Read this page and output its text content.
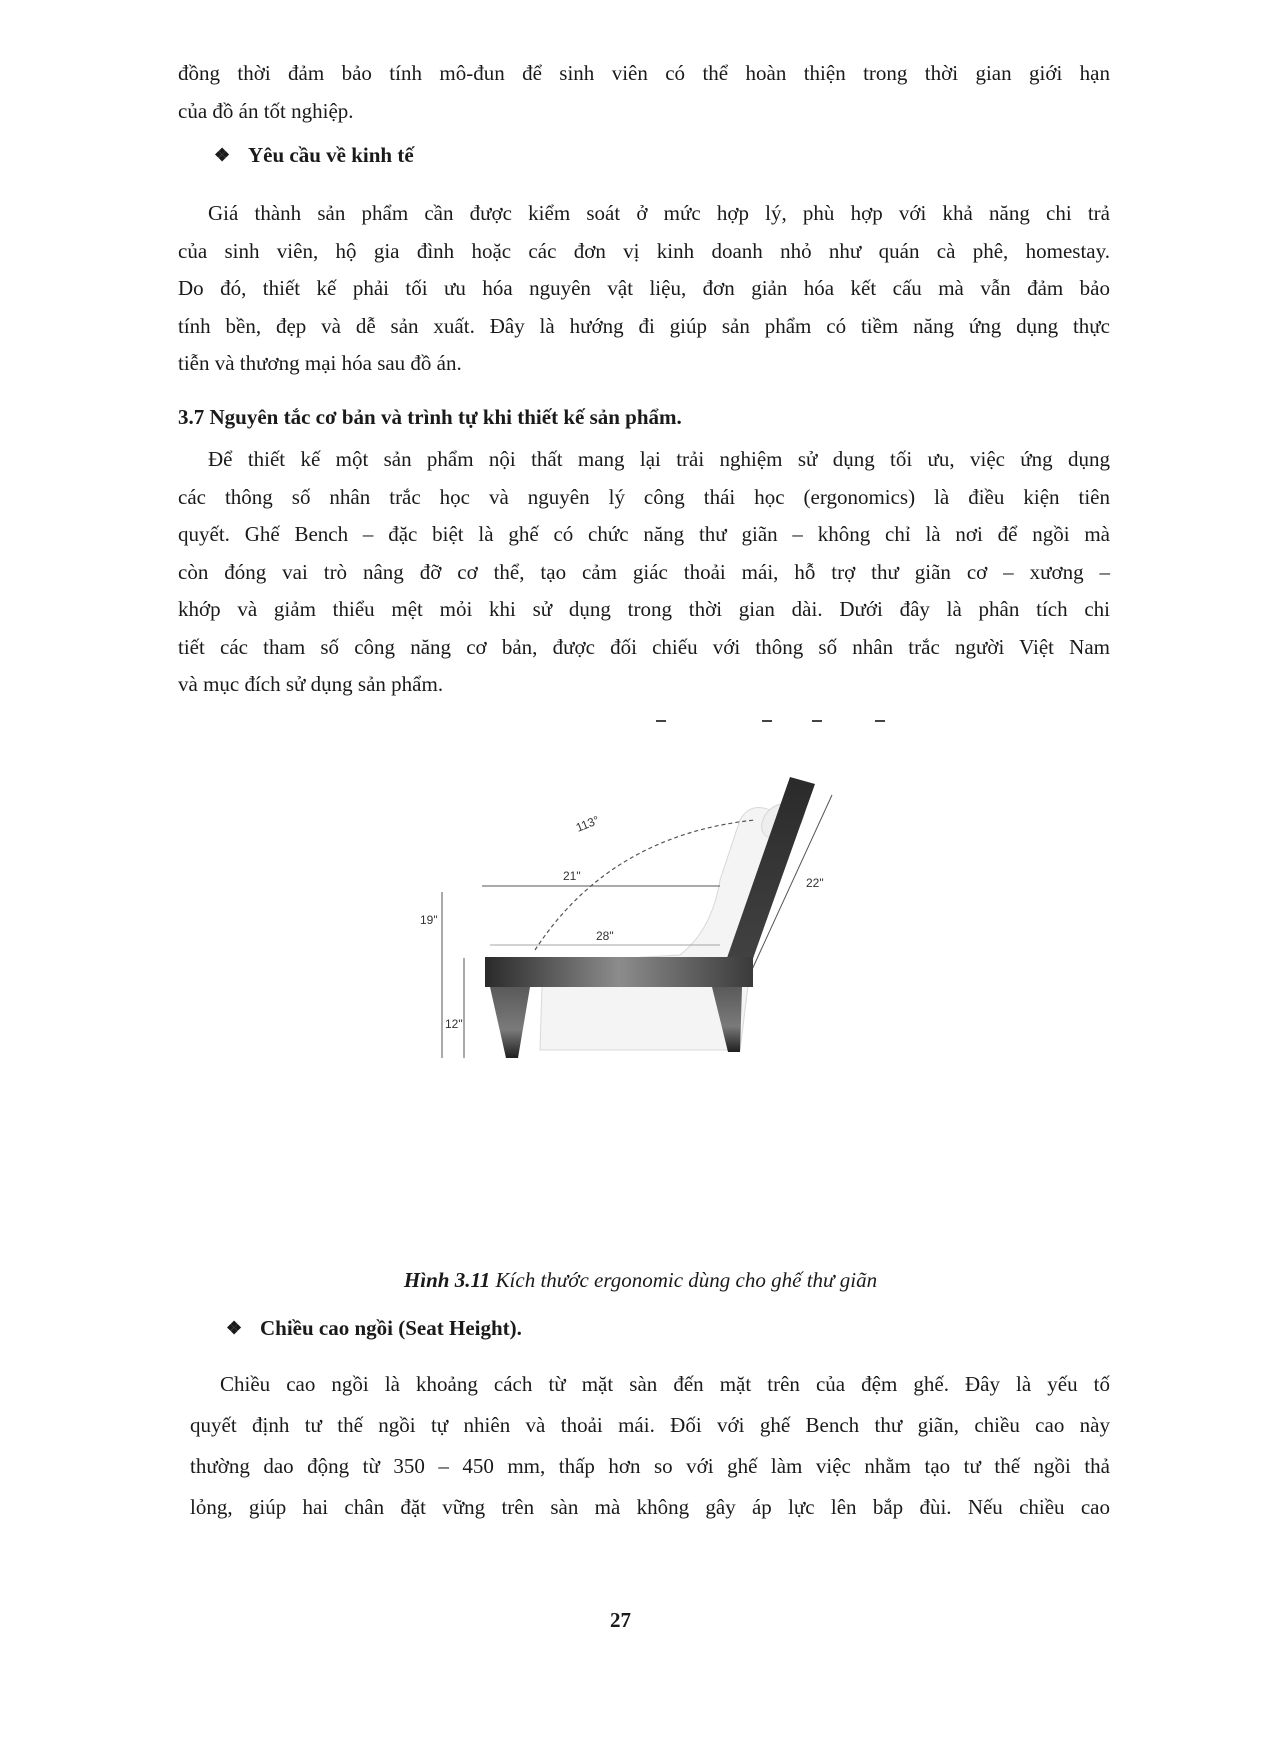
đồng thời đảm bảo tính mô-đun để sinh viên có thể hoàn thiện trong thời gian giới hạn
của đồ án tốt nghiệp.
❖ Yêu cầu về kinh tế
Giá thành sản phẩm cần được kiểm soát ở mức hợp lý, phù hợp với khả năng chi trả
của sinh viên, hộ gia đình hoặc các đơn vị kinh doanh nhỏ như quán cà phê, homestay.
Do đó, thiết kế phải tối ưu hóa nguyên vật liệu, đơn giản hóa kết cấu mà vẫn đảm bảo
tính bền, đẹp và dễ sản xuất. Đây là hướng đi giúp sản phẩm có tiềm năng ứng dụng thực
tiễn và thương mại hóa sau đồ án.
3.7 Nguyên tắc cơ bản và trình tự khi thiết kế sản phẩm.
Để thiết kế một sản phẩm nội thất mang lại trải nghiệm sử dụng tối ưu, việc ứng dụng
các thông số nhân trắc học và nguyên lý công thái học (ergonomics) là điều kiện tiên
quyết. Ghế Bench – đặc biệt là ghế có chức năng thư giãn – không chỉ là nơi để ngồi mà
còn đóng vai trò nâng đỡ cơ thể, tạo cảm giác thoải mái, hỗ trợ thư giãn cơ – xương –
khớp và giảm thiểu mệt mỏi khi sử dụng trong thời gian dài. Dưới đây là phân tích chi
tiết các tham số công năng cơ bản, được đối chiếu với thông số nhân trắc người Việt Nam
và mục đích sử dụng sản phẩm.
113°
21"	22"
19"
28"
12"
Hình 3.11 Kích thước ergonomic dùng cho ghế thư giãn
❖ Chiều cao ngồi (Seat Height).
Chiều cao ngồi là khoảng cách từ mặt sàn đến mặt trên của đệm ghế. Đây là yếu tố
quyết định tư thế ngồi tự nhiên và thoải mái. Đối với ghế Bench thư giãn, chiều cao này
thường dao động từ 350 – 450 mm, thấp hơn so với ghế làm việc nhằm tạo tư thế ngồi thả
lỏng, giúp hai chân đặt vững trên sàn mà không gây áp lực lên bắp đùi. Nếu chiều cao
27
